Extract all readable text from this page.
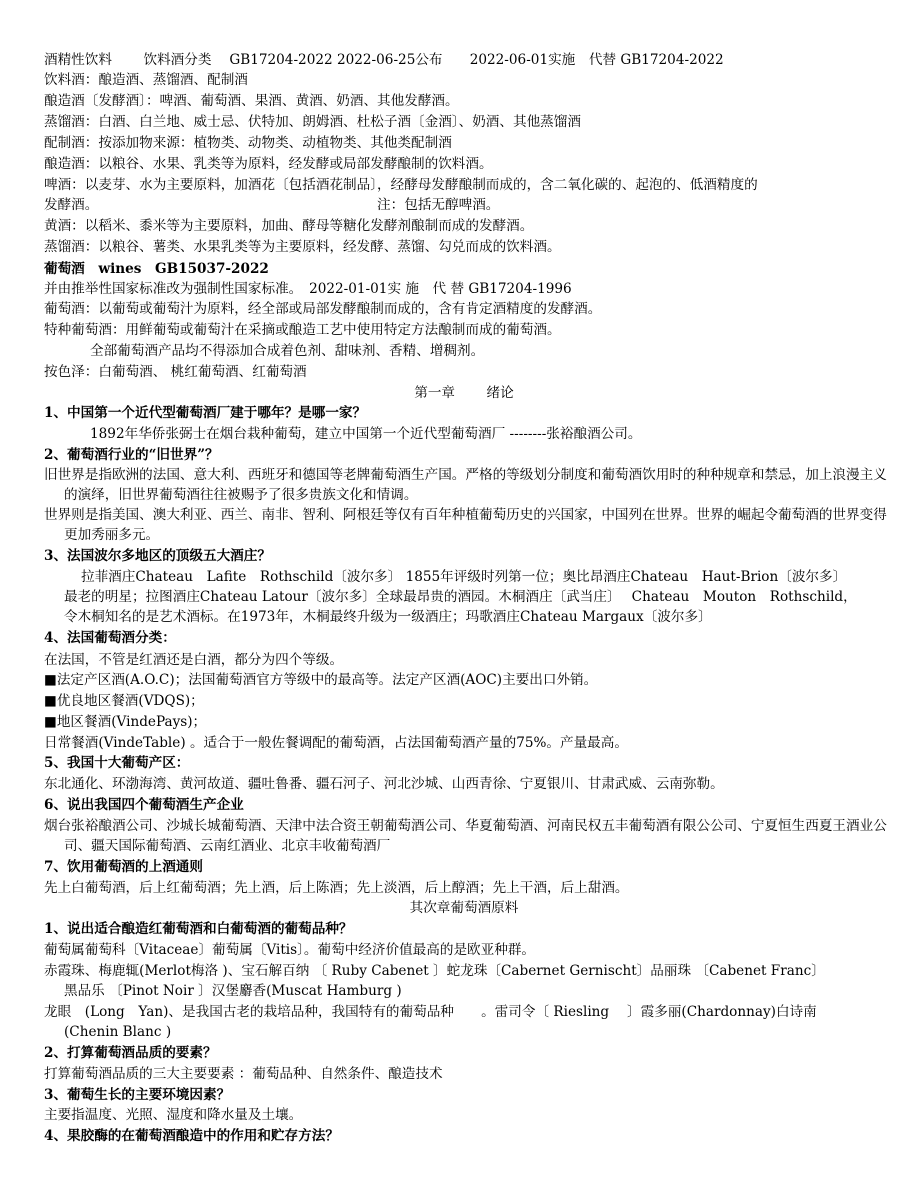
酒精性饮料　　 饮料酒分类　 GB17204-2022 2022-06-25公布　　2022-06-01实施　代替 GB17204-2022
饮料酒：酿造酒、蒸馏酒、配制酒
酿造酒〔发酵酒〕：啤酒、葡萄酒、果酒、黄酒、奶酒、其他发酵酒。
蒸馏酒：白酒、白兰地、威士忌、伏特加、朗姆酒、杜松子酒〔金酒〕、奶酒、其他蒸馏酒
配制酒：按添加物来源：植物类、动物类、动植物类、其他类配制酒
酿造酒：以粮谷、水果、乳类等为原料，经发酵或局部发酵酿制的饮料酒。
啤酒：以麦芽、水为主要原料，加酒花〔包括酒花制品〕，经酵母发酵酿制而成的，含二氧化碳的、起泡的、低酒精度的
发酵酒。　　　　　　　　　　　　　　　　　　　　　注：包括无醇啤酒。
黄酒：以稻米、黍米等为主要原料，加曲、酵母等糖化发酵剂酿制而成的发酵酒。
蒸馏酒：以粮谷、薯类、水果乳类等为主要原料，经发酵、蒸馏、勾兑而成的饮料酒。
葡萄酒　wines　GB15037-2022
并由推举性国家标准改为强制性国家标准。　2022-01-01实 施　代 替 GB17204-1996
葡萄酒：以葡萄或葡萄汁为原料，经全部或局部发酵酿制而成的，含有肯定酒精度的发酵酒。
特种葡萄酒：用鲜葡萄或葡萄汁在采摘或酿造工艺中使用特定方法酿制而成的葡萄酒。
全部葡萄酒产品均不得添加合成着色剂、甜味剂、香精、增稠剂。
按色泽：白葡萄酒、 桃红葡萄酒、红葡萄酒
第一章　　 绪论
1、中国第一个近代型葡萄酒厂建于哪年？是哪一家？
1892年华侨张弼士在烟台栽种葡萄，建立中国第一个近代型葡萄酒厂 --------张裕酿酒公司。
2、葡萄酒行业的“旧世界”？
旧世界是指欧洲的法国、意大利、西班牙和德国等老牌葡萄酒生产国。严格的等级划分制度和葡萄酒饮用时的种种规章和禁忌，加上浪漫主义的演绎，旧世界葡萄酒往往被赐予了很多贵族文化和情调。
世界则是指美国、澳大利亚、西兰、南非、智利、阿根廷等仅有百年种植葡萄历史的兴国家，中国列在世界。世界的崛起令葡萄酒的世界变得更加秀丽多元。
3、法国波尔多地区的顶级五大酒庄？
拉菲酒庄Chateau　Lafite　Rothschild〔波尔多〕 1855年评级时列第一位；奥比昂酒庄Chateau　Haut-Brion〔波尔多〕
最老的明星；拉图酒庄Chateau Latour〔波尔多〕全球最昂贵的酒园。木桐酒庄〔武当庄〕　 Chateau　Mouton　Rothschild，
令木桐知名的是艺术酒标。在1973年，木桐最终升级为一级酒庄；玛歌酒庄Chateau Margaux〔波尔多〕
4、法国葡萄酒分类：
在法国，不管是红酒还是白酒，都分为四个等级。
■法定产区酒(A.O.C)；法国葡萄酒官方等级中的最高等。法定产区酒(AOC)主要出口外销。
■优良地区餐酒(VDQS)；
■地区餐酒(VindePays)；
日常餐酒(VindeTable) 。适合于一般佐餐调配的葡萄酒，占法国葡萄酒产量的75%。产量最高。
5、我国十大葡萄产区：
东北通化、环渤海湾、黄河故道、疆吐鲁番、疆石河子、河北沙城、山西青徐、宁夏银川、甘肃武威、云南弥勒。
6、说出我国四个葡萄酒生产企业
烟台张裕酿酒公司、沙城长城葡萄酒、天津中法合资王朝葡萄酒公司、华夏葡萄酒、河南民权五丰葡萄酒有限公公司、宁夏恒生西夏王酒业公司、疆天国际葡萄酒、云南红酒业、北京丰收葡萄酒厂
7、饮用葡萄酒的上酒通则
先上白葡萄酒，后上红葡萄酒；先上酒，后上陈酒；先上淡酒，后上醇酒；先上干酒，后上甜酒。
其次章葡萄酒原料
1、说出适合酿造红葡萄酒和白葡萄酒的葡萄品种？
葡萄属葡萄科〔Vitaceae〕葡萄属〔Vitis〕。葡萄中经济价值最高的是欧亚种群。
赤霞珠、梅鹿辄(Merlot梅洛 )、宝石解百纳 〔 Ruby Cabenet 〕蛇龙珠〔Cabernet Gernischt〕品丽珠 〔Cabenet Franc〕
黑品乐 〔Pinot Noir 〕汉堡麝香(Muscat Hamburg )
龙眼　(Long　Yan)、是我国古老的栽培品种，我国特有的葡萄品种　　。雷司令〔 Riesling　 〕霞多丽(Chardonnay)白诗南
(Chenin Blanc )
2、打算葡萄酒品质的要素？
打算葡萄酒品质的三大主要要素 ：葡萄品种、自然条件、酿造技术
3、葡萄生长的主要环境因素？
主要指温度、光照、湿度和降水量及土壤。
4、果胶酶的在葡萄酒酿造中的作用和贮存方法？
